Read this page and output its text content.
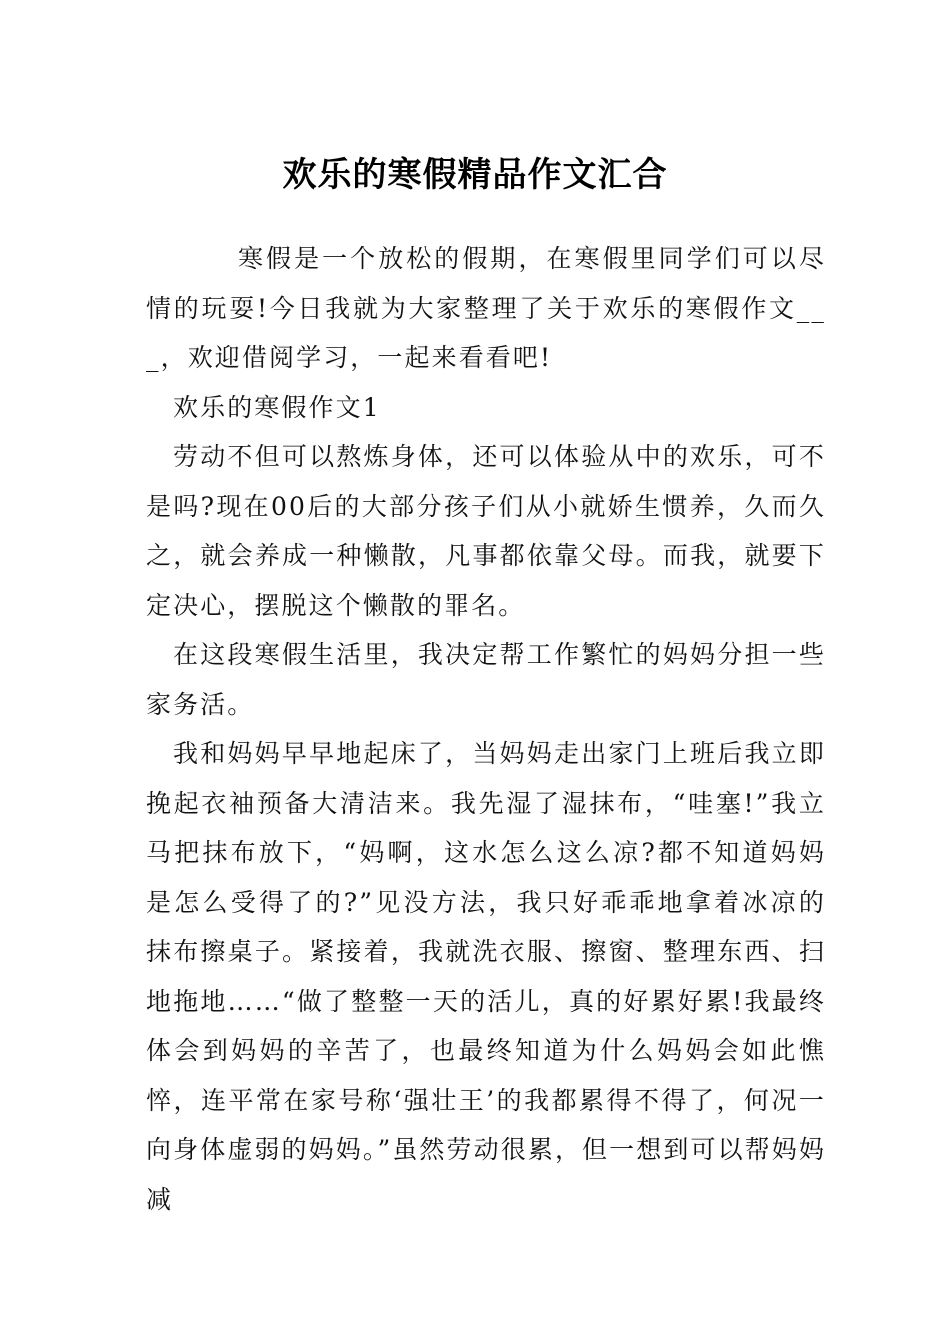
欢乐的寒假精品作文汇合

寒假是一个放松的假期，在寒假里同学们可以尽情的玩耍!今日我就为大家整理了关于欢乐的寒假作文___，欢迎借阅学习，一起来看看吧!

欢乐的寒假作文1

劳动不但可以熬炼身体，还可以体验从中的欢乐，可不是吗?现在00后的大部分孩子们从小就娇生惯养，久而久之，就会养成一种懒散，凡事都依靠父母。而我，就要下定决心，摆脱这个懒散的罪名。

在这段寒假生活里，我决定帮工作繁忙的妈妈分担一些家务活。

我和妈妈早早地起床了，当妈妈走出家门上班后我立即挽起衣袖预备大清洁来。我先湿了湿抹布，“哇塞!”我立马把抹布放下，“妈啊，这水怎么这么凉?都不知道妈妈是怎么受得了的?”见没方法，我只好乖乖地拿着冰凉的抹布擦桌子。紧接着，我就洗衣服、擦窗、整理东西、扫地拖地……“做了整整一天的活儿，真的好累好累!我最终体会到妈妈的辛苦了，也最终知道为什么妈妈会如此憔悴，连平常在家号称‘强壮王’的我都累得不得了，何况一向身体虚弱的妈妈。”虽然劳动很累，但一想到可以帮妈妈减
